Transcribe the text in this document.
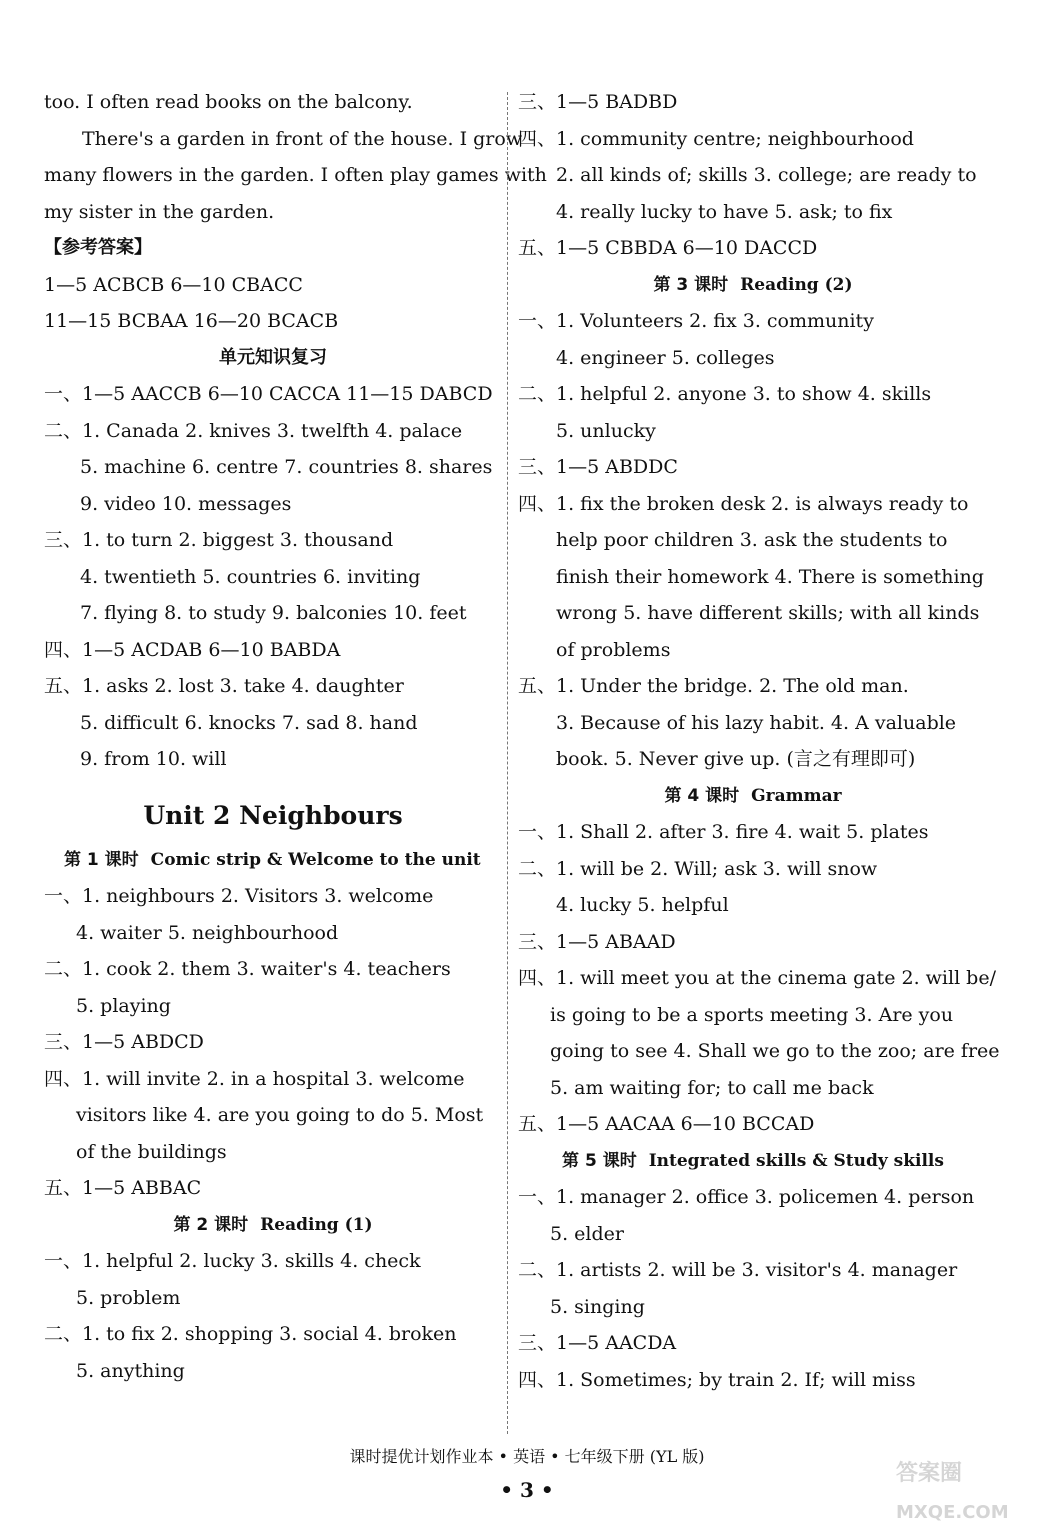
too. I often read books on the balcony.
There's a garden in front of the house. I grow
many flowers in the garden. I often play games with
my sister in the garden.
【参考答案】
1—5 ACBCB 6—10 CBACC
11—15 BCBAA 16—20 BCACB
单元知识复习
一、1—5 AACCB 6—10 CACCA 11—15 DABCD
二、1. Canada 2. knives 3. twelfth 4. palace
5. machine 6. centre 7. countries 8. shares
9. video 10. messages
三、1. to turn 2. biggest 3. thousand
4. twentieth 5. countries 6. inviting
7. flying 8. to study 9. balconies 10. feet
四、1—5 ACDAB 6—10 BABDA
五、1. asks 2. lost 3. take 4. daughter
5. difficult 6. knocks 7. sad 8. hand
9. from 10. will
Unit 2 Neighbours
第 1 课时 Comic strip & Welcome to the unit
一、1. neighbours 2. Visitors 3. welcome
4. waiter 5. neighbourhood
二、1. cook 2. them 3. waiter's 4. teachers
5. playing
三、1—5 ABDCD
四、1. will invite 2. in a hospital 3. welcome
visitors like 4. are you going to do 5. Most
of the buildings
五、1—5 ABBAC
第 2 课时 Reading (1)
一、1. helpful 2. lucky 3. skills 4. check
5. problem
二、1. to fix 2. shopping 3. social 4. broken
5. anything
三、1—5 BADBD
四、1. community centre; neighbourhood
2. all kinds of; skills 3. college; are ready to
4. really lucky to have 5. ask; to fix
五、1—5 CBBDA 6—10 DACCD
第 3 课时 Reading (2)
一、1. Volunteers 2. fix 3. community
4. engineer 5. colleges
二、1. helpful 2. anyone 3. to show 4. skills
5. unlucky
三、1—5 ABDDC
四、1. fix the broken desk 2. is always ready to
help poor children 3. ask the students to
finish their homework 4. There is something
wrong 5. have different skills; with all kinds
of problems
五、1. Under the bridge. 2. The old man.
3. Because of his lazy habit. 4. A valuable
book. 5. Never give up. (言之有理即可)
第 4 课时 Grammar
一、1. Shall 2. after 3. fire 4. wait 5. plates
二、1. will be 2. Will; ask 3. will snow
4. lucky 5. helpful
三、1—5 ABAAD
四、1. will meet you at the cinema gate 2. will be/
is going to be a sports meeting 3. Are you
going to see 4. Shall we go to the zoo; are free
5. am waiting for; to call me back
五、1—5 AACAA 6—10 BCCAD
第 5 课时 Integrated skills & Study skills
一、1. manager 2. office 3. policemen 4. person
5. elder
二、1. artists 2. will be 3. visitor's 4. manager
5. singing
三、1—5 AACDA
四、1. Sometimes; by train 2. If; will miss
课时提优计划作业本 • 英语 • 七年级下册 (YL 版)
• 3 •
答案圈
MXQE.COM
